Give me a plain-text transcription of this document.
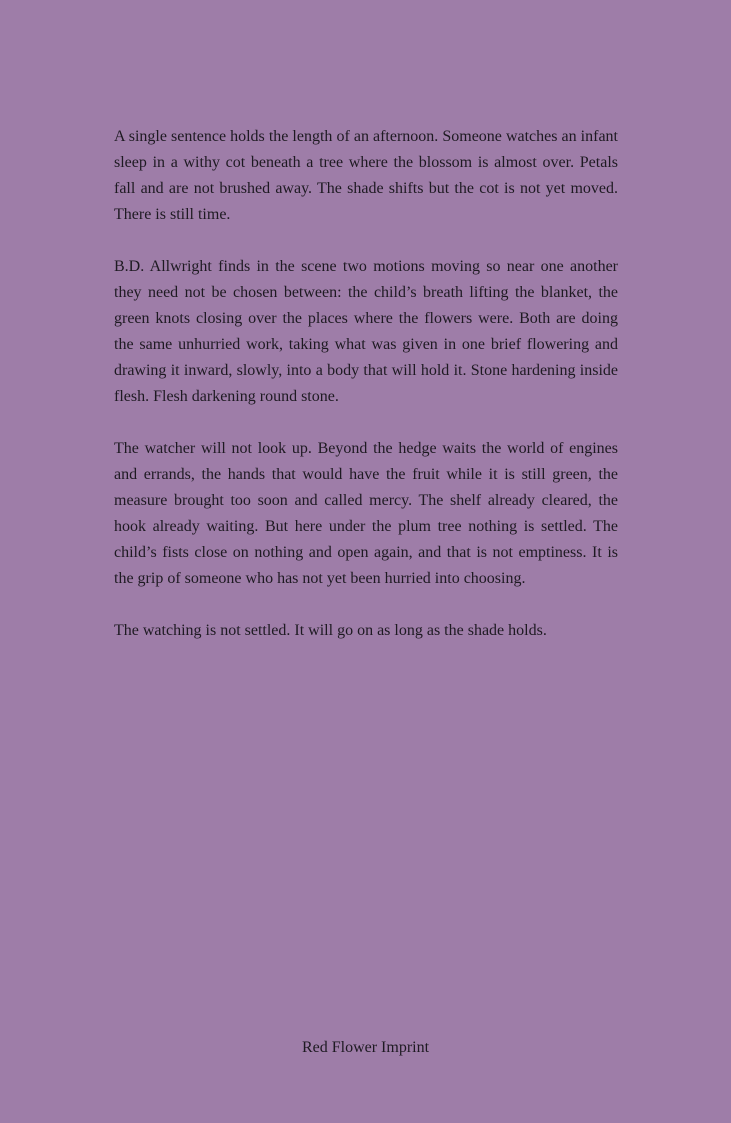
A single sentence holds the length of an afternoon. Someone watches an infant sleep in a withy cot beneath a tree where the blossom is almost over. Petals fall and are not brushed away. The shade shifts but the cot is not yet moved. There is still time.

B.D. Allwright finds in the scene two motions moving so near one another they need not be chosen between: the child’s breath lifting the blanket, the green knots closing over the places where the flowers were. Both are doing the same unhurried work, taking what was given in one brief flowering and drawing it inward, slowly, into a body that will hold it. Stone hardening inside flesh. Flesh darkening round stone.

The watcher will not look up. Beyond the hedge waits the world of engines and errands, the hands that would have the fruit while it is still green, the measure brought too soon and called mercy. The shelf already cleared, the hook already waiting. But here under the plum tree nothing is settled. The child’s fists close on nothing and open again, and that is not emptiness. It is the grip of someone who has not yet been hurried into choosing.

The watching is not settled. It will go on as long as the shade holds.

Red Flower Imprint
